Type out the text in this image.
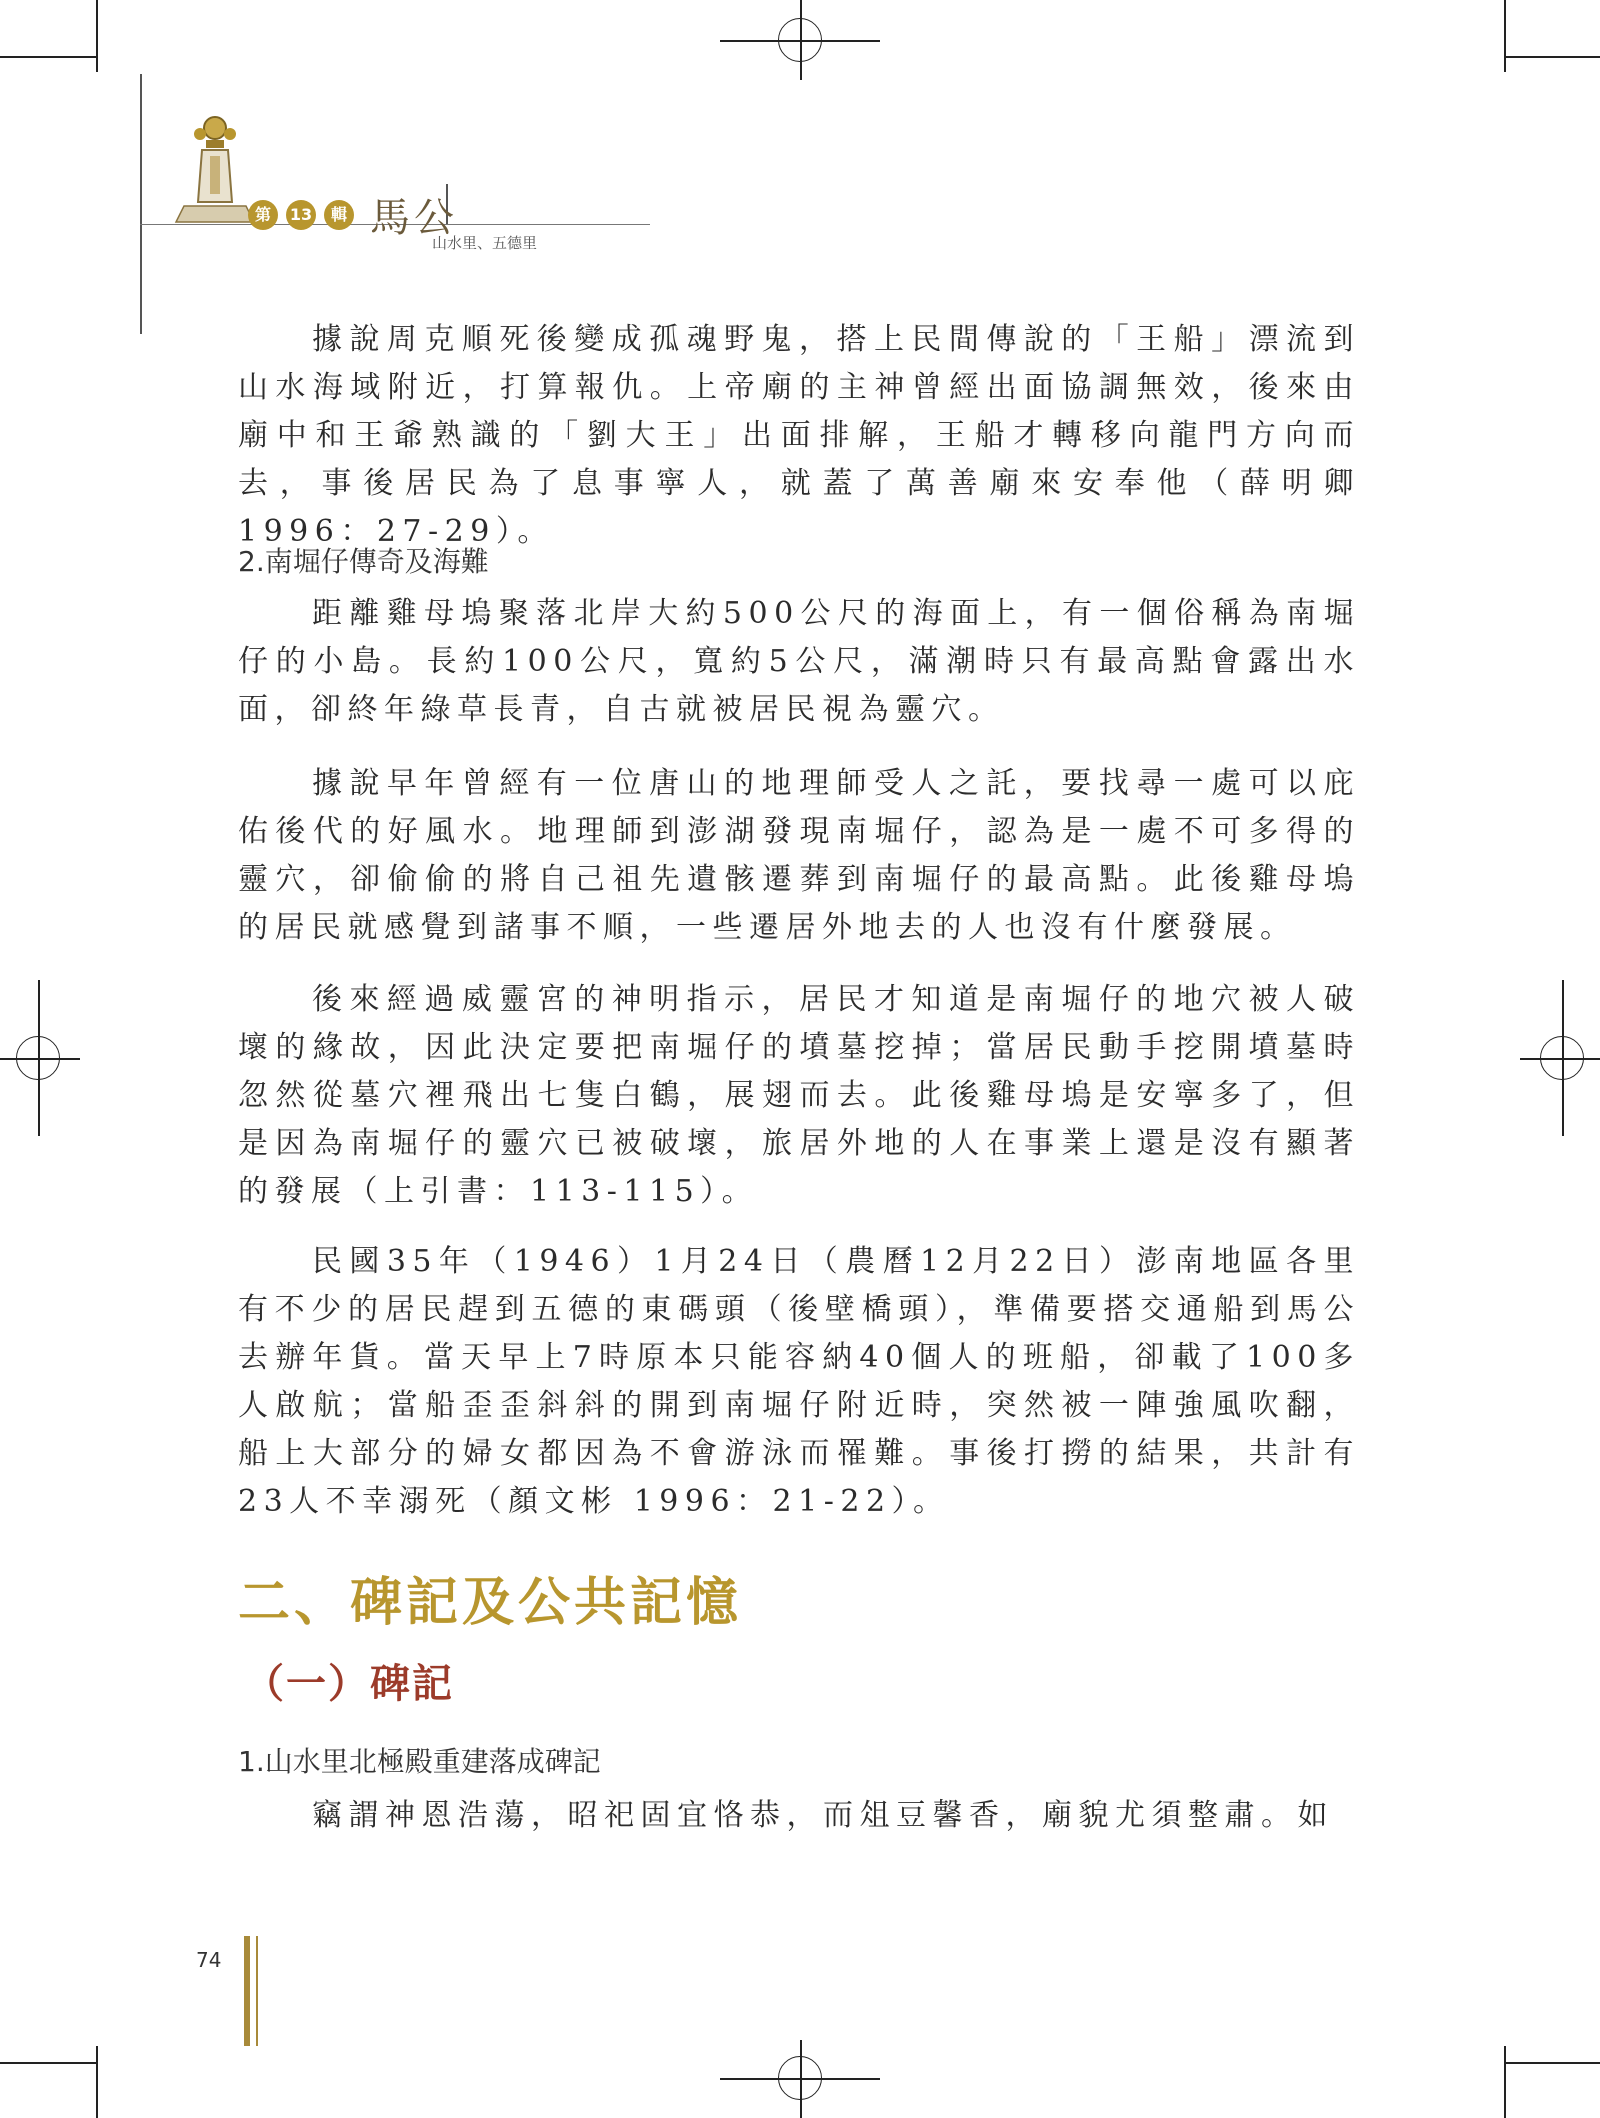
第	13	輯 馬公
山水里、五德里
據說周克順死後變成孤魂野鬼，搭上民間傳說的「王船」漂流到山水海域附近，打算報仇。上帝廟的主神曾經出面協調無效，後來由廟中和王爺熟識的「劉大王」出面排解，王船才轉移向龍門方向而去，事後居民為了息事寧人，就蓋了萬善廟來安奉他（薛明卿 1996：27-29）。
2.南堀仔傳奇及海難
距離雞母塢聚落北岸大約500公尺的海面上，有一個俗稱為南堀仔的小島。長約100公尺，寬約5公尺，滿潮時只有最高點會露出水面，卻終年綠草長青，自古就被居民視為靈穴。
據說早年曾經有一位唐山的地理師受人之託，要找尋一處可以庇佑後代的好風水。地理師到澎湖發現南堀仔，認為是一處不可多得的靈穴，卻偷偷的將自己祖先遺骸遷葬到南堀仔的最高點。此後雞母塢的居民就感覺到諸事不順，一些遷居外地去的人也沒有什麼發展。
後來經過威靈宮的神明指示，居民才知道是南堀仔的地穴被人破壞的緣故，因此決定要把南堀仔的墳墓挖掉；當居民動手挖開墳墓時忽然從墓穴裡飛出七隻白鶴，展翅而去。此後雞母塢是安寧多了，但是因為南堀仔的靈穴已被破壞，旅居外地的人在事業上還是沒有顯著的發展（上引書：113-115）。
民國35年（1946）1月24日（農曆12月22日）澎南地區各里有不少的居民趕到五德的東碼頭（後壁橋頭），準備要搭交通船到馬公去辦年貨。當天早上7時原本只能容納40個人的班船，卻載了100多人啟航；當船歪歪斜斜的開到南堀仔附近時，突然被一陣強風吹翻，船上大部分的婦女都因為不會游泳而罹難。事後打撈的結果，共計有23人不幸溺死（顏文彬 1996：21-22）。
二、碑記及公共記憶
（一）碑記
1.山水里北極殿重建落成碑記
竊謂神恩浩蕩，昭祀固宜恪恭，而俎豆馨香，廟貌尤須整肅。如
74
